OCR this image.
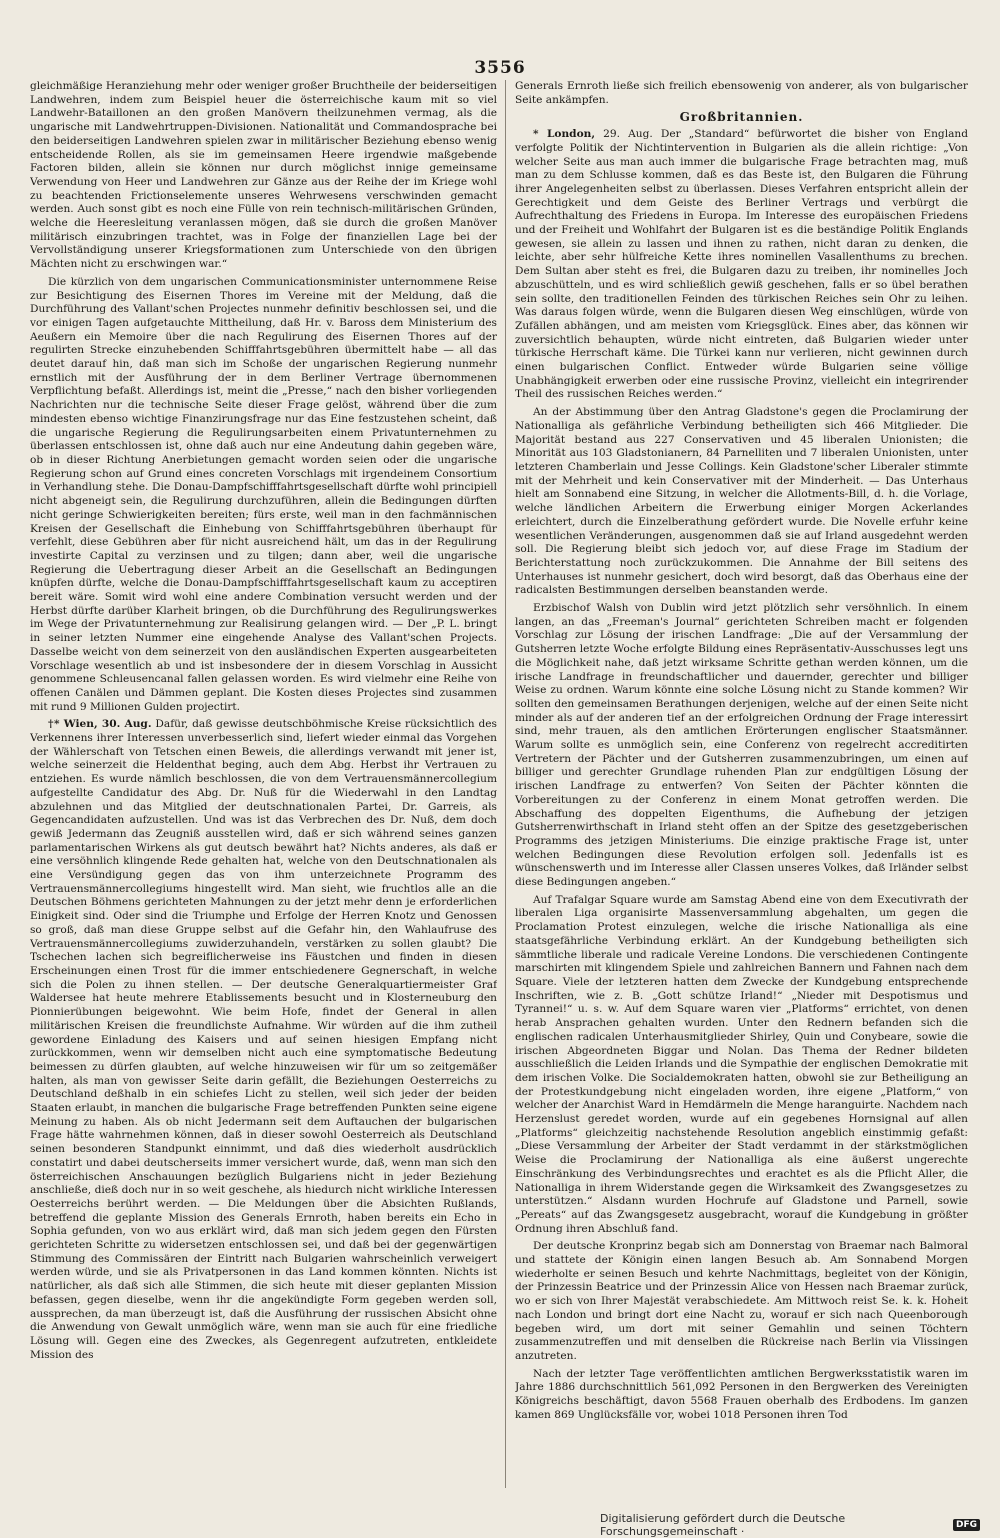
3556

gleichmäßige Heranziehung mehr oder weniger großer Bruchtheile der beiderseitigen Landwehren, indem zum Beispiel heuer die österreichische kaum mit so viel Landwehr-Bataillonen an den großen Manövern theilzunehmen vermag, als die ungarische mit Landwehrtruppen-Divisionen. Nationalität und Commandosprache bei den beiderseitigen Landwehren spielen zwar in militärischer Beziehung ebenso wenig entscheidende Rollen, als sie im gemeinsamen Heere irgendwie maßgebende Factoren bilden, allein sie können nur durch möglichst innige gemeinsame Verwendung von Heer und Landwehren zur Gänze aus der Reihe der im Kriege wohl zu beachtenden Frictionselemente unseres Wehrwesens verschwinden gemacht werden. Auch sonst gibt es noch eine Fülle von rein technisch-militärischen Gründen, welche die Heeresleitung veranlassen mögen, daß sie durch die großen Manöver militärisch einzubringen trachtet, was in Folge der finanziellen Lage bei der Vervollständigung unserer Kriegsformationen zum Unterschiede von den übrigen Mächten nicht zu erschwingen war.“

Die kürzlich von dem ungarischen Communicationsminister unternommene Reise zur Besichtigung des Eisernen Thores im Vereine mit der Meldung, daß die Durchführung des Vallant'schen Projectes nunmehr definitiv beschlossen sei, und die vor einigen Tagen aufgetauchte Mittheilung, daß Hr. v. Baross dem Ministerium des Aeußern ein Memoire über die nach Regulirung des Eisernen Thores auf der regulirten Strecke einzuhebenden Schifffahrtsgebühren übermittelt habe — all das deutet darauf hin, daß man sich im Schoße der ungarischen Regierung nunmehr ernstlich mit der Ausführung der in dem Berliner Vertrage übernommenen Verpflichtung befaßt. Allerdings ist, meint die „Presse,“ nach den bisher vorliegenden Nachrichten nur die technische Seite dieser Frage gelöst, während über die zum mindesten ebenso wichtige Finanzirungsfrage nur das Eine festzustehen scheint, daß die ungarische Regierung die Regulirungsarbeiten einem Privatunternehmen zu überlassen entschlossen ist, ohne daß auch nur eine Andeutung dahin gegeben wäre, ob in dieser Richtung Anerbietungen gemacht worden seien oder die ungarische Regierung schon auf Grund eines concreten Vorschlags mit irgendeinem Consortium in Verhandlung stehe. Die Donau-Dampfschifffahrtsgesellschaft dürfte wohl principiell nicht abgeneigt sein, die Regulirung durchzuführen, allein die Bedingungen dürften nicht geringe Schwierigkeiten bereiten; fürs erste, weil man in den fachmännischen Kreisen der Gesellschaft die Einhebung von Schifffahrtsgebühren überhaupt für verfehlt, diese Gebühren aber für nicht ausreichend hält, um das in der Regulirung investirte Capital zu verzinsen und zu tilgen; dann aber, weil die ungarische Regierung die Uebertragung dieser Arbeit an die Gesellschaft an Bedingungen knüpfen dürfte, welche die Donau-Dampfschifffahrtsgesellschaft kaum zu acceptiren bereit wäre. Somit wird wohl eine andere Combination versucht werden und der Herbst dürfte darüber Klarheit bringen, ob die Durchführung des Regulirungswerkes im Wege der Privatunternehmung zur Realisirung gelangen wird. — Der „P. L. bringt in seiner letzten Nummer eine eingehende Analyse des Vallant'schen Projects. Dasselbe weicht von dem seinerzeit von den ausländischen Experten ausgearbeiteten Vorschlage wesentlich ab und ist insbesondere der in diesem Vorschlag in Aussicht genommene Schleusencanal fallen gelassen worden. Es wird vielmehr eine Reihe von offenen Canälen und Dämmen geplant. Die Kosten dieses Projectes sind zusammen mit rund 9 Millionen Gulden projectirt.

†* Wien, 30. Aug. Dafür, daß gewisse deutschböhmische Kreise rücksichtlich des Verkennens ihrer Interessen unverbesserlich sind, liefert wieder einmal das Vorgehen der Wählerschaft von Tetschen einen Beweis, die allerdings verwandt mit jener ist, welche seinerzeit die Heldenthat beging, auch dem Abg. Herbst ihr Vertrauen zu entziehen. Es wurde nämlich beschlossen, die von dem Vertrauensmännercollegium aufgestellte Candidatur des Abg. Dr. Nuß für die Wiederwahl in den Landtag abzulehnen und das Mitglied der deutschnationalen Partei, Dr. Garreis, als Gegencandidaten aufzustellen. Und was ist das Verbrechen des Dr. Nuß, dem doch gewiß Jedermann das Zeugniß ausstellen wird, daß er sich während seines ganzen parlamentarischen Wirkens als gut deutsch bewährt hat? Nichts anderes, als daß er eine versöhnlich klingende Rede gehalten hat, welche von den Deutschnationalen als eine Versündigung gegen das von ihm unterzeichnete Programm des Vertrauensmännercollegiums hingestellt wird. Man sieht, wie fruchtlos alle an die Deutschen Böhmens gerichteten Mahnungen zu der jetzt mehr denn je erforderlichen Einigkeit sind. Oder sind die Triumphe und Erfolge der Herren Knotz und Genossen so groß, daß man diese Gruppe selbst auf die Gefahr hin, den Wahlaufruse des Vertrauensmännercollegiums zuwiderzuhandeln, verstärken zu sollen glaubt? Die Tschechen lachen sich begreiflicherweise ins Fäustchen und finden in diesen Erscheinungen einen Trost für die immer entschiedenere Gegnerschaft, in welche sich die Polen zu ihnen stellen. — Der deutsche Generalquartiermeister Graf Waldersee hat heute mehrere Etablissements besucht und in Klosterneuburg den Pionnierübungen beigewohnt. Wie beim Hofe, findet der General in allen militärischen Kreisen die freundlichste Aufnahme. Wir würden auf die ihm zutheil gewordene Einladung des Kaisers und auf seinen hiesigen Empfang nicht zurückkommen, wenn wir demselben nicht auch eine symptomatische Bedeutung beimessen zu dürfen glaubten, auf welche hinzuweisen wir für um so zeitgemäßer halten, als man von gewisser Seite darin gefällt, die Beziehungen Oesterreichs zu Deutschland deßhalb in ein schiefes Licht zu stellen, weil sich jeder der beiden Staaten erlaubt, in manchen die bulgarische Frage betreffenden Punkten seine eigene Meinung zu haben. Als ob nicht Jedermann seit dem Auftauchen der bulgarischen Frage hätte wahrnehmen können, daß in dieser sowohl Oesterreich als Deutschland seinen besonderen Standpunkt einnimmt, und daß dies wiederholt ausdrücklich constatirt und dabei deutscherseits immer versichert wurde, daß, wenn man sich den österreichischen Anschauungen bezüglich Bulgariens nicht in jeder Beziehung anschließe, dieß doch nur in so weit geschehe, als hiedurch nicht wirkliche Interessen Oesterreichs berührt werden. — Die Meldungen über die Absichten Rußlands, betreffend die geplante Mission des Generals Ernroth, haben bereits ein Echo in Sophia gefunden, von wo aus erklärt wird, daß man sich jedem gegen den Fürsten gerichteten Schritte zu widersetzen entschlossen sei, und daß bei der gegenwärtigen Stimmung des Commissären der Eintritt nach Bulgarien wahrscheinlich verweigert werden würde, und sie als Privatpersonen in das Land kommen könnten. Nichts ist natürlicher, als daß sich alle Stimmen, die sich heute mit dieser geplanten Mission befassen, gegen dieselbe, wenn ihr die angekündigte Form gegeben werden soll, aussprechen, da man überzeugt ist, daß die Ausführung der russischen Absicht ohne die Anwendung von Gewalt unmöglich wäre, wenn man sie auch für eine friedliche Lösung will. Gegen eine des Zweckes, als Gegenregent aufzutreten, entkleidete Mission des

Generals Ernroth ließe sich freilich ebensowenig von anderer, als von bulgarischer Seite ankämpfen.

Großbritannien.

* London, 29. Aug. Der „Standard“ befürwortet die bisher von England verfolgte Politik der Nichtintervention in Bulgarien als die allein richtige: „Von welcher Seite aus man auch immer die bulgarische Frage betrachten mag, muß man zu dem Schlusse kommen, daß es das Beste ist, den Bulgaren die Führung ihrer Angelegenheiten selbst zu überlassen. Dieses Verfahren entspricht allein der Gerechtigkeit und dem Geiste des Berliner Vertrags und verbürgt die Aufrechthaltung des Friedens in Europa. Im Interesse des europäischen Friedens und der Freiheit und Wohlfahrt der Bulgaren ist es die beständige Politik Englands gewesen, sie allein zu lassen und ihnen zu rathen, nicht daran zu denken, die leichte, aber sehr hülfreiche Kette ihres nominellen Vasallenthums zu brechen. Dem Sultan aber steht es frei, die Bulgaren dazu zu treiben, ihr nominelles Joch abzuschütteln, und es wird schließlich gewiß geschehen, falls er so übel berathen sein sollte, den traditionellen Feinden des türkischen Reiches sein Ohr zu leihen. Was daraus folgen würde, wenn die Bulgaren diesen Weg einschlügen, würde von Zufällen abhängen, und am meisten vom Kriegsglück. Eines aber, das können wir zuversichtlich behaupten, würde nicht eintreten, daß Bulgarien wieder unter türkische Herrschaft käme. Die Türkei kann nur verlieren, nicht gewinnen durch einen bulgarischen Conflict. Entweder würde Bulgarien seine völlige Unabhängigkeit erwerben oder eine russische Provinz, vielleicht ein integrirender Theil des russischen Reiches werden.“

An der Abstimmung über den Antrag Gladstone's gegen die Proclamirung der Nationalliga als gefährliche Verbindung betheiligten sich 466 Mitglieder. Die Majorität bestand aus 227 Conservativen und 45 liberalen Unionisten; die Minorität aus 103 Gladstonianern, 84 Parnelliten und 7 liberalen Unionisten, unter letzteren Chamberlain und Jesse Collings. Kein Gladstone'scher Liberaler stimmte mit der Mehrheit und kein Conservativer mit der Minderheit. — Das Unterhaus hielt am Sonnabend eine Sitzung, in welcher die Allotments-Bill, d. h. die Vorlage, welche ländlichen Arbeitern die Erwerbung einiger Morgen Ackerlandes erleichtert, durch die Einzelberathung gefördert wurde. Die Novelle erfuhr keine wesentlichen Veränderungen, ausgenommen daß sie auf Irland ausgedehnt werden soll. Die Regierung bleibt sich jedoch vor, auf diese Frage im Stadium der Berichterstattung noch zurückzukommen. Die Annahme der Bill seitens des Unterhauses ist nunmehr gesichert, doch wird besorgt, daß das Oberhaus eine der radicalsten Bestimmungen derselben beanstanden werde.

Erzbischof Walsh von Dublin wird jetzt plötzlich sehr versöhnlich. In einem langen, an das „Freeman's Journal“ gerichteten Schreiben macht er folgenden Vorschlag zur Lösung der irischen Landfrage: „Die auf der Versammlung der Gutsherren letzte Woche erfolgte Bildung eines Repräsentativ-Ausschusses legt uns die Möglichkeit nahe, daß jetzt wirksame Schritte gethan werden können, um die irische Landfrage in freundschaftlicher und dauernder, gerechter und billiger Weise zu ordnen. Warum könnte eine solche Lösung nicht zu Stande kommen? Wir sollten den gemeinsamen Berathungen derjenigen, welche auf der einen Seite nicht minder als auf der anderen tief an der erfolgreichen Ordnung der Frage interessirt sind, mehr trauen, als den amtlichen Erörterungen englischer Staatsmänner. Warum sollte es unmöglich sein, eine Conferenz von regelrecht accreditirten Vertretern der Pächter und der Gutsherren zusammenzubringen, um einen auf billiger und gerechter Grundlage ruhenden Plan zur endgültigen Lösung der irischen Landfrage zu entwerfen? Von Seiten der Pächter könnten die Vorbereitungen zu der Conferenz in einem Monat getroffen werden. Die Abschaffung des doppelten Eigenthums, die Aufhebung der jetzigen Gutsherrenwirthschaft in Irland steht offen an der Spitze des gesetzgeberischen Programms des jetzigen Ministeriums. Die einzige praktische Frage ist, unter welchen Bedingungen diese Revolution erfolgen soll. Jedenfalls ist es wünschenswerth und im Interesse aller Classen unseres Volkes, daß Irländer selbst diese Bedingungen angeben.“

Auf Trafalgar Square wurde am Samstag Abend eine von dem Executivrath der liberalen Liga organisirte Massenversammlung abgehalten, um gegen die Proclamation Protest einzulegen, welche die irische Nationalliga als eine staatsgefährliche Verbindung erklärt. An der Kundgebung betheiligten sich sämmtliche liberale und radicale Vereine Londons. Die verschiedenen Contingente marschirten mit klingendem Spiele und zahlreichen Bannern und Fahnen nach dem Square. Viele der letzteren hatten dem Zwecke der Kundgebung entsprechende Inschriften, wie z. B. „Gott schütze Irland!“ „Nieder mit Despotismus und Tyrannei!“ u. s. w. Auf dem Square waren vier „Platforms“ errichtet, von denen herab Ansprachen gehalten wurden. Unter den Rednern befanden sich die englischen radicalen Unterhausmitglieder Shirley, Quin und Conybeare, sowie die irischen Abgeordneten Biggar und Nolan. Das Thema der Redner bildeten ausschließlich die Leiden Irlands und die Sympathie der englischen Demokratie mit dem irischen Volke. Die Socialdemokraten hatten, obwohl sie zur Betheiligung an der Protestkundgebung nicht eingeladen worden, ihre eigene „Platform,“ von welcher der Anarchist Ward in Hemdärmeln die Menge haranguirte. Nachdem nach Herzenslust geredet worden, wurde auf ein gegebenes Hornsignal auf allen „Platforms“ gleichzeitig nachstehende Resolution angeblich einstimmig gefaßt: „Diese Versammlung der Arbeiter der Stadt verdammt in der stärkstmöglichen Weise die Proclamirung der Nationalliga als eine äußerst ungerechte Einschränkung des Verbindungsrechtes und erachtet es als die Pflicht Aller, die Nationalliga in ihrem Widerstande gegen die Wirksamkeit des Zwangsgesetzes zu unterstützen.“ Alsdann wurden Hochrufe auf Gladstone und Parnell, sowie „Pereats“ auf das Zwangsgesetz ausgebracht, worauf die Kundgebung in größter Ordnung ihren Abschluß fand.

Der deutsche Kronprinz begab sich am Donnerstag von Braemar nach Balmoral und stattete der Königin einen langen Besuch ab. Am Sonnabend Morgen wiederholte er seinen Besuch und kehrte Nachmittags, begleitet von der Königin, der Prinzessin Beatrice und der Prinzessin Alice von Hessen nach Braemar zurück, wo er sich von Ihrer Majestät verabschiedete. Am Mittwoch reist Se. k. k. Hoheit nach London und bringt dort eine Nacht zu, worauf er sich nach Queenborough begeben wird, um dort mit seiner Gemahlin und seinen Töchtern zusammenzutreffen und mit denselben die Rückreise nach Berlin via Vlissingen anzutreten.

Nach der letzter Tage veröffentlichten amtlichen Bergwerksstatistik waren im Jahre 1886 durchschnittlich 561,092 Personen in den Bergwerken des Vereinigten Königreichs beschäftigt, davon 5568 Frauen oberhalb des Erdbodens. Im ganzen kamen 869 Unglücksfälle vor, wobei 1018 Personen ihren Tod

Digitalisierung gefördert durch die Deutsche Forschungsgemeinschaft ·	DFG
